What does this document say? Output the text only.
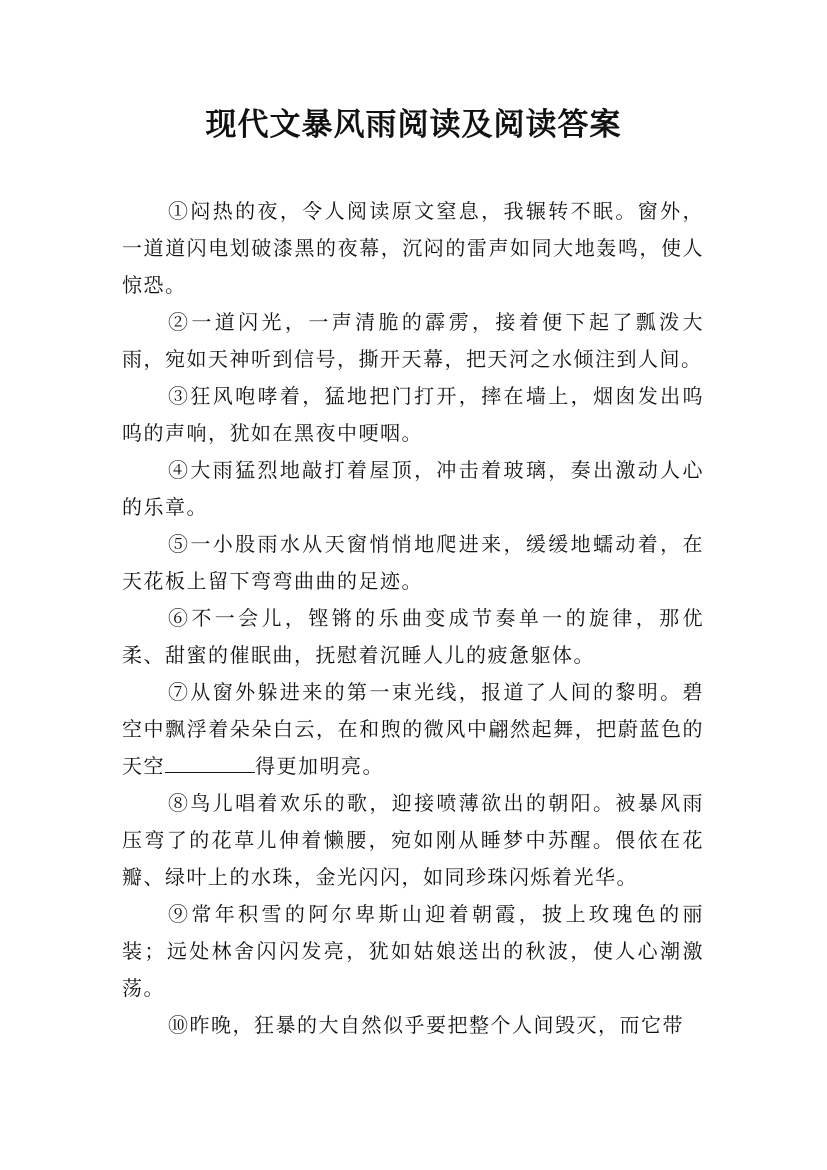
现代文暴风雨阅读及阅读答案

①闷热的夜，令人阅读原文窒息，我辗转不眠。窗外，一道道闪电划破漆黑的夜幕，沉闷的雷声如同大地轰鸣，使人惊恐。

②一道闪光，一声清脆的霹雳，接着便下起了瓢泼大雨，宛如天神听到信号，撕开天幕，把天河之水倾注到人间。

③狂风咆哮着，猛地把门打开，摔在墙上，烟囱发出呜呜的声响，犹如在黑夜中哽咽。

④大雨猛烈地敲打着屋顶，冲击着玻璃，奏出激动人心的乐章。

⑤一小股雨水从天窗悄悄地爬进来，缓缓地蠕动着，在天花板上留下弯弯曲曲的足迹。

⑥不一会儿，铿锵的乐曲变成节奏单一的旋律，那优柔、甜蜜的催眠曲，抚慰着沉睡人儿的疲惫躯体。

⑦从窗外躲进来的第一束光线，报道了人间的黎明。碧空中飘浮着朵朵白云，在和煦的微风中翩然起舞，把蔚蓝色的天空	得更加明亮。

⑧鸟儿唱着欢乐的歌，迎接喷薄欲出的朝阳。被暴风雨压弯了的花草儿伸着懒腰，宛如刚从睡梦中苏醒。偎依在花瓣、绿叶上的水珠，金光闪闪，如同珍珠闪烁着光华。

⑨常年积雪的阿尔卑斯山迎着朝霞，披上玫瑰色的丽装；远处林舍闪闪发亮，犹如姑娘送出的秋波，使人心潮激荡。

⑩昨晚，狂暴的大自然似乎要把整个人间毁灭，而它带
